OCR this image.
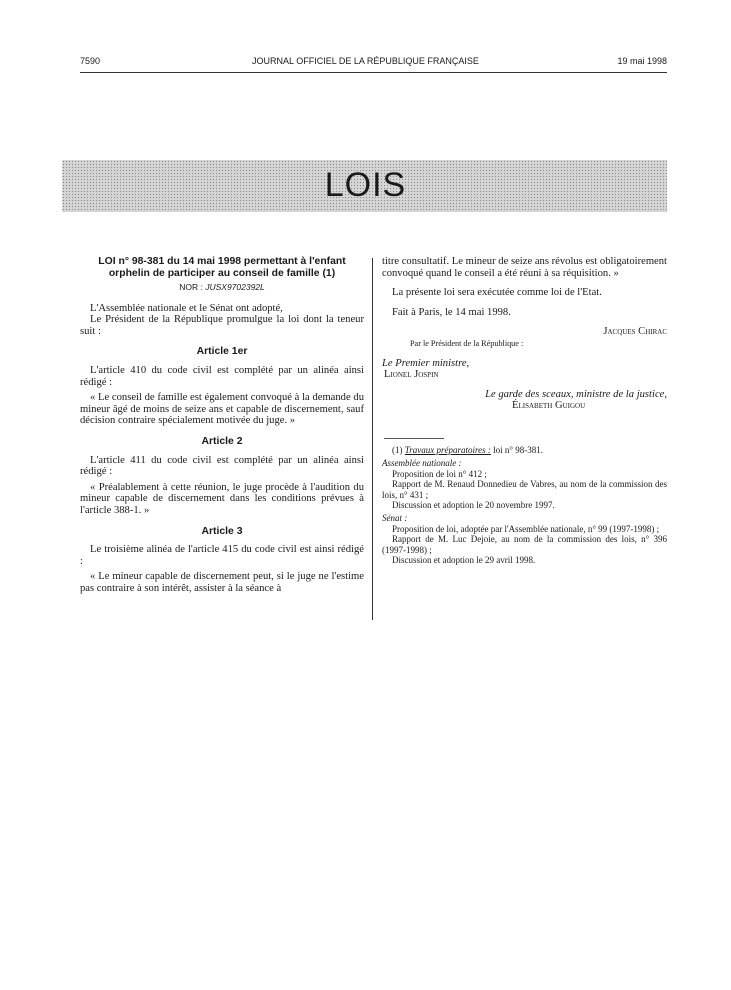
7590	JOURNAL OFFICIEL DE LA RÉPUBLIQUE FRANÇAISE	19 mai 1998
LOIS
LOI n° 98-381 du 14 mai 1998 permettant à l'enfant
orphelin de participer au conseil de famille (1)
NOR : JUSX9702392L

L'Assemblée nationale et le Sénat ont adopté,

Le Président de la République promulgue la loi dont la teneur suit :

Article 1er

L'article 410 du code civil est complété par un alinéa ainsi rédigé :

« Le conseil de famille est également convoqué à la demande du mineur âgé de moins de seize ans et capable de discernement, sauf décision contraire spécialement motivée du juge. »

Article 2

L'article 411 du code civil est complété par un alinéa ainsi rédigé :

« Préalablement à cette réunion, le juge procède à l'audition du mineur capable de discernement dans les conditions prévues à l'article 388-1. »

Article 3

Le troisième alinéa de l'article 415 du code civil est ainsi rédigé :

« Le mineur capable de discernement peut, si le juge ne l'estime pas contraire à son intérêt, assister à la séance à

titre consultatif. Le mineur de seize ans révolus est obligatoirement convoqué quand le conseil a été réuni à sa réquisition. »

La présente loi sera exécutée comme loi de l'Etat.

Fait à Paris, le 14 mai 1998.

Jacques Chirac

Par le Président de la République :

Le Premier ministre,

Lionel Jospin

Le garde des sceaux, ministre de la justice,

Élisabeth Guigou

(1) Travaux préparatoires : loi n° 98-381.

Assemblée nationale :

Proposition de loi n° 412 ;

Rapport de M. Renaud Donnedieu de Vabres, au nom de la commission des lois, n° 431 ;

Discussion et adoption le 20 novembre 1997.

Sénat :

Proposition de loi, adoptée par l'Assemblée nationale, n° 99 (1997-1998) ;

Rapport de M. Luc Dejoie, au nom de la commission des lois, n° 396 (1997-1998) ;

Discussion et adoption le 29 avril 1998.
